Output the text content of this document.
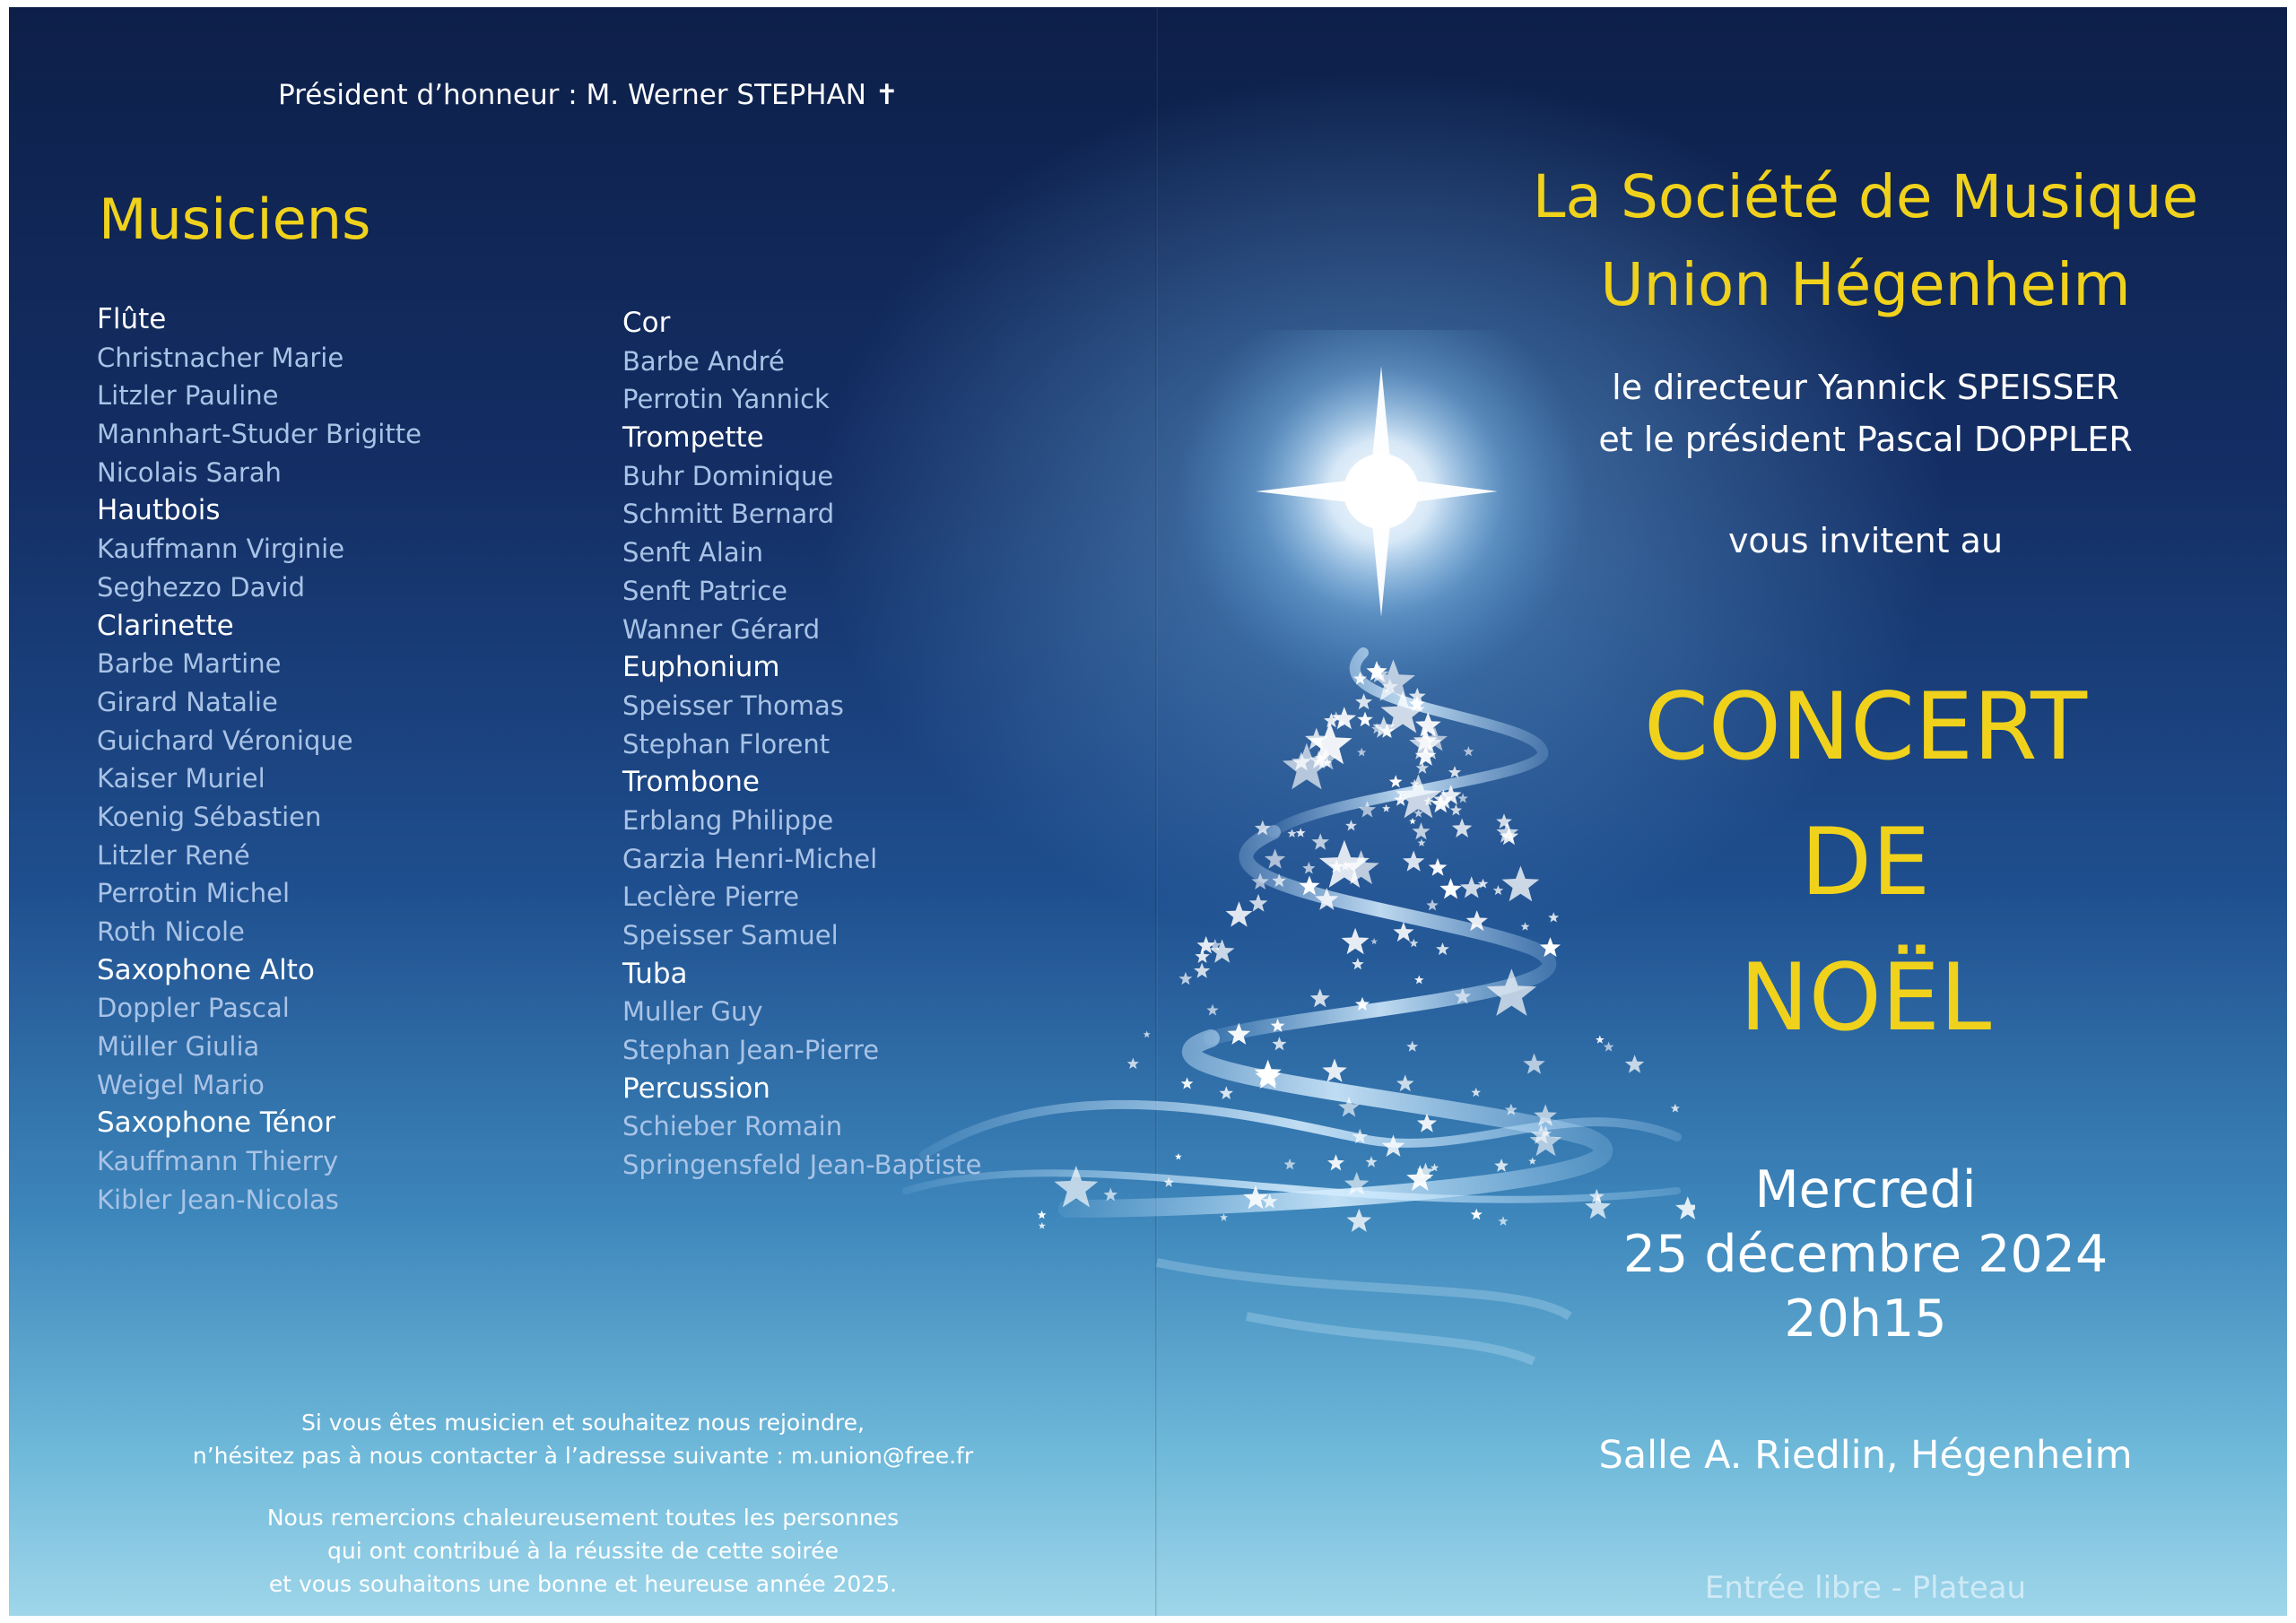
Président d’honneur : M. Werner STEPHAN ✝
Musiciens
Flûte
Christnacher Marie
Litzler Pauline
Mannhart-Studer Brigitte
Nicolais Sarah
Hautbois
Kauffmann Virginie
Seghezzo David
Clarinette
Barbe Martine
Girard Natalie
Guichard Véronique
Kaiser Muriel
Koenig Sébastien
Litzler René
Perrotin Michel
Roth Nicole
Saxophone Alto
Doppler Pascal
Müller Giulia
Weigel Mario
Saxophone Ténor
Kauffmann Thierry
Kibler Jean-Nicolas
Cor
Barbe André
Perrotin Yannick
Trompette
Buhr Dominique
Schmitt Bernard
Senft Alain
Senft Patrice
Wanner Gérard
Euphonium
Speisser Thomas
Stephan Florent
Trombone
Erblang Philippe
Garzia Henri-Michel
Leclère Pierre
Speisser Samuel
Tuba
Muller Guy
Stephan Jean-Pierre
Percussion
Schieber Romain
Springensfeld Jean-Baptiste
Si vous êtes musicien et souhaitez nous rejoindre,
n’hésitez pas à nous contacter à l’adresse suivante : m.union@free.fr
Nous remercions chaleureusement toutes les personnes
qui ont contribué à la réussite de cette soirée
et vous souhaitons une bonne et heureuse année 2025.
La Société de Musique
Union Hégenheim
le directeur Yannick SPEISSER
et le président Pascal DOPPLER
vous invitent au
CONCERT
DE
NOËL
Mercredi
25 décembre 2024
20h15
Salle A. Riedlin, Hégenheim
Entrée libre - Plateau
